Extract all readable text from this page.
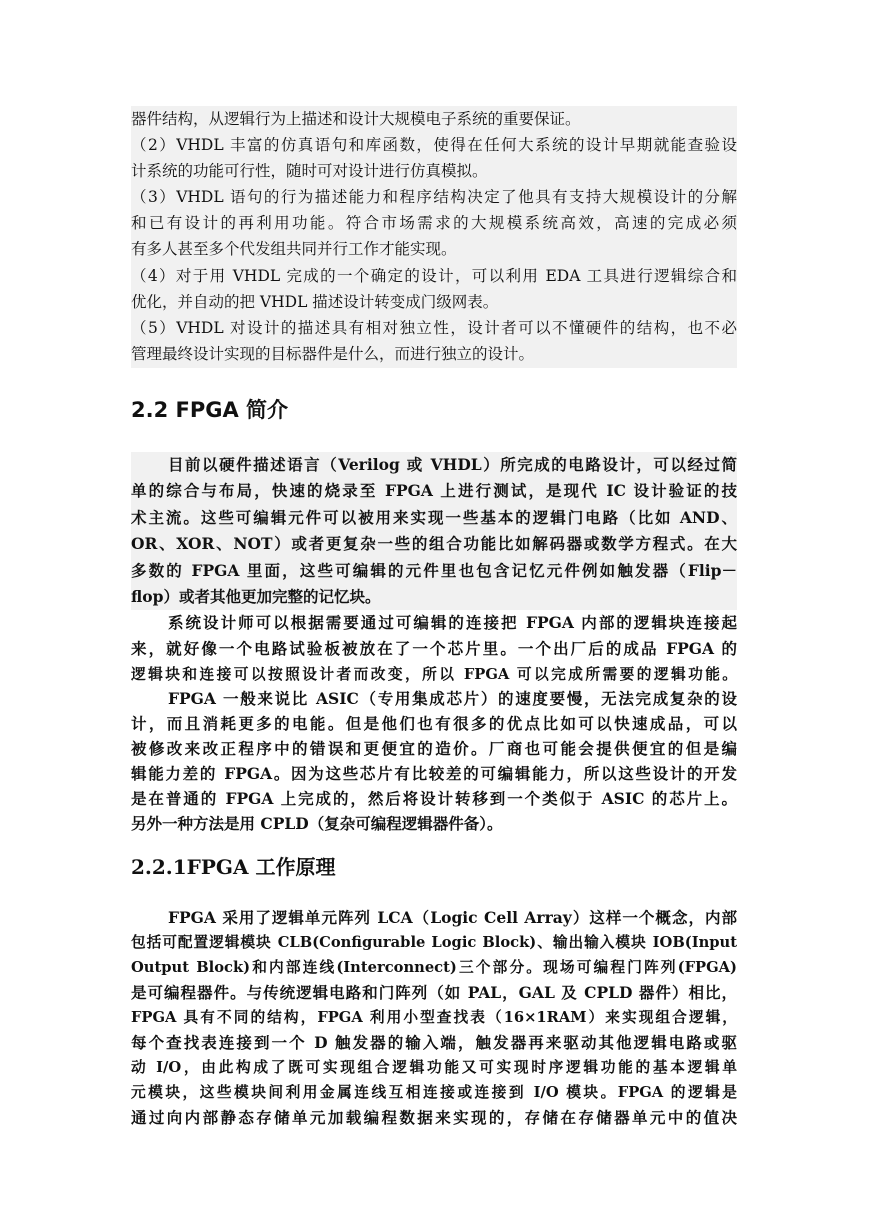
器件结构，从逻辑行为上描述和设计大规模电子系统的重要保证。
（2）VHDL 丰富的仿真语句和库函数，使得在任何大系统的设计早期就能查验设
计系统的功能可行性，随时可对设计进行仿真模拟。
（3）VHDL 语句的行为描述能力和程序结构决定了他具有支持大规模设计的分解
和已有设计的再利用功能。符合市场需求的大规模系统高效，高速的完成必须
有多人甚至多个代发组共同并行工作才能实现。
（4）对于用 VHDL 完成的一个确定的设计，可以利用 EDA 工具进行逻辑综合和
优化，并自动的把 VHDL 描述设计转变成门级网表。
（5）VHDL 对设计的描述具有相对独立性，设计者可以不懂硬件的结构，也不必
管理最终设计实现的目标器件是什么，而进行独立的设计。
2.2 FPGA 简介
目前以硬件描述语言（Verilog 或 VHDL）所完成的电路设计，可以经过简
单的综合与布局，快速的烧录至 FPGA 上进行测试，是现代 IC 设计验证的技
术主流。这些可编辑元件可以被用来实现一些基本的逻辑门电路（比如 AND、
OR、XOR、NOT）或者更复杂一些的组合功能比如解码器或数学方程式。在大
多数的 FPGA 里面，这些可编辑的元件里也包含记忆元件例如触发器（Flip－
flop）或者其他更加完整的记忆块。
系统设计师可以根据需要通过可编辑的连接把 FPGA 内部的逻辑块连接起
来，就好像一个电路试验板被放在了一个芯片里。一个出厂后的成品 FPGA 的
逻辑块和连接可以按照设计者而改变，所以 FPGA 可以完成所需要的逻辑功能。
FPGA 一般来说比 ASIC（专用集成芯片）的速度要慢，无法完成复杂的设
计，而且消耗更多的电能。但是他们也有很多的优点比如可以快速成品，可以
被修改来改正程序中的错误和更便宜的造价。厂商也可能会提供便宜的但是编
辑能力差的 FPGA。因为这些芯片有比较差的可编辑能力，所以这些设计的开发
是在普通的 FPGA 上完成的，然后将设计转移到一个类似于 ASIC 的芯片上。
另外一种方法是用 CPLD（复杂可编程逻辑器件备）。
2.2.1FPGA 工作原理
FPGA 采用了逻辑单元阵列 LCA（Logic Cell Array）这样一个概念，内部
包括可配置逻辑模块 CLB(Configurable Logic Block)、输出输入模块 IOB(Input
Output Block)和内部连线(Interconnect)三个部分。现场可编程门阵列(FPGA)
是可编程器件。与传统逻辑电路和门阵列（如 PAL，GAL 及 CPLD 器件）相比，
FPGA 具有不同的结构，FPGA 利用小型查找表（16×1RAM）来实现组合逻辑，
每个查找表连接到一个 D 触发器的输入端，触发器再来驱动其他逻辑电路或驱
动 I/O，由此构成了既可实现组合逻辑功能又可实现时序逻辑功能的基本逻辑单
元模块，这些模块间利用金属连线互相连接或连接到 I/O 模块。FPGA 的逻辑是
通过向内部静态存储单元加载编程数据来实现的，存储在存储器单元中的值决
